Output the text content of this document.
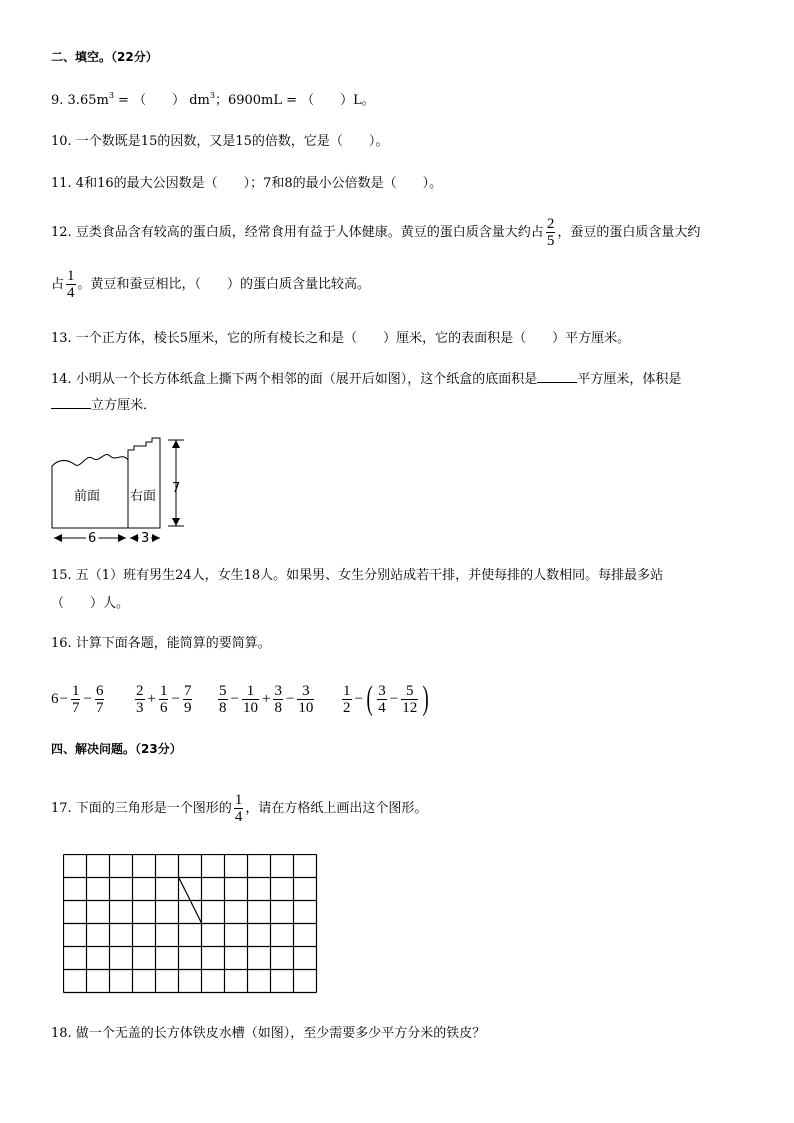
二、填空。（22分）
9. $3.65m^3$ = （　　） $dm^3$；6900mL = （　　）L。
10. 一个数既是15的因数，又是15的倍数，它是（　　）。
11. 4和16的最大公因数是（　　）；7和8的最小公倍数是（　　）。
12. 豆类食品含有较高的蛋白质，经常食用有益于人体健康。黄豆的蛋白质含量大约占 $\frac{2}{5}$ ，蚕豆的蛋白质含量大约
占 $\frac{1}{4}$ 。黄豆和蚕豆相比，（　　）的蛋白质含量比较高。
13. 一个正方体，棱长5厘米，它的所有棱长之和是（　　）厘米，它的表面积是（　　）平方厘米。
14. 小明从一个长方体纸盒上撕下两个相邻的面（展开后如图），这个纸盒的底面积是	平方厘米，体积是
立方厘米．
前面 右面
7
6	3
15. 五（1）班有男生24人，女生18人。如果男、女生分别站成若干排，并使每排的人数相同。每排最多站
（　　）人。
16. 计算下面各题，能简算的要简算。
$6 - \frac{1}{7} - \frac{6}{7} \frac{2}{3} + \frac{1}{6} - \frac{7}{9} \frac{5}{8} - \frac{1}{10} + \frac{3}{8} - \frac{3}{10} \frac{1}{2}$ − ( $\frac{3}{4} - \frac{5}{12}$ )
四、解决问题。（23分）
17. 下面的三角形是一个图形的 $\frac{1}{4}$ ，请在方格纸上画出这个图形。
18. 做一个无盖的长方体铁皮水槽（如图），至少需要多少平方分米的铁皮？
